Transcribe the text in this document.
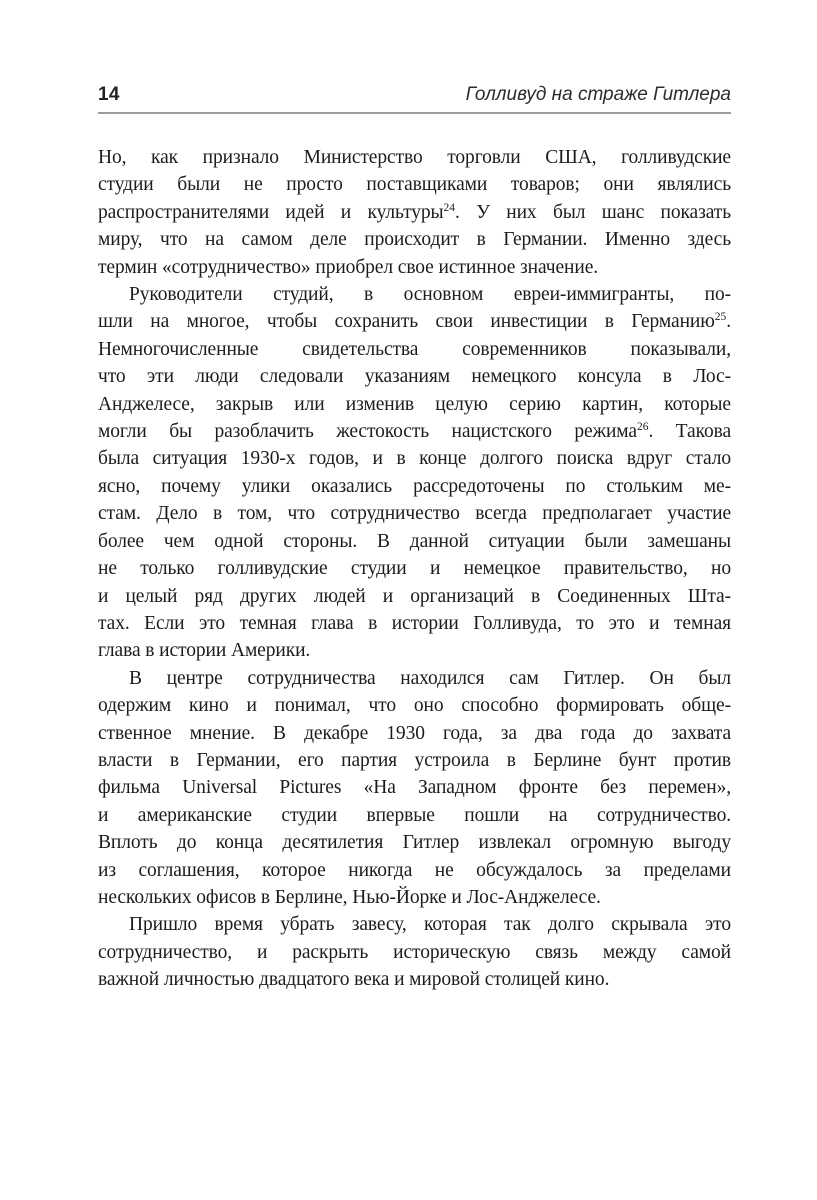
14	Голливуд на страже Гитлера
Но, как признало Министерство торговли США, голливудские
студии были не просто поставщиками товаров; они являлись
распространителями идей и культуры$^{24}$. У них был шанс показать
миру, что на самом деле происходит в Германии. Именно здесь
термин «сотрудничество» приобрел свое истинное значение.
Руководители студий, в основном евреи-иммигранты, по-
шли на многое, чтобы сохранить свои инвестиции в Германию$^{25}$.
Немногочисленные свидетельства современников показывали,
что эти люди следовали указаниям немецкого консула в Лос-
Анджелесе, закрыв или изменив целую серию картин, которые
могли бы разоблачить жестокость нацистского режима$^{26}$. Такова
была ситуация 1930-х годов, и в конце долгого поиска вдруг стало
ясно, почему улики оказались рассредоточены по стольким ме-
стам. Дело в том, что сотрудничество всегда предполагает участие
более чем одной стороны. В данной ситуации были замешаны
не только голливудские студии и немецкое правительство, но
и целый ряд других людей и организаций в Соединенных Шта-
тах. Если это темная глава в истории Голливуда, то это и темная
глава в истории Америки.
В центре сотрудничества находился сам Гитлер. Он был
одержим кино и понимал, что оно способно формировать обще-
ственное мнение. В декабре 1930 года, за два года до захвата
власти в Германии, его партия устроила в Берлине бунт против
фильма Universal Pictures «На Западном фронте без перемен»,
и американские студии впервые пошли на сотрудничество.
Вплоть до конца десятилетия Гитлер извлекал огромную выгоду
из соглашения, которое никогда не обсуждалось за пределами
нескольких офисов в Берлине, Нью-Йорке и Лос-Анджелесе.
Пришло время убрать завесу, которая так долго скрывала это
сотрудничество, и раскрыть историческую связь между самой
важной личностью двадцатого века и мировой столицей кино.
